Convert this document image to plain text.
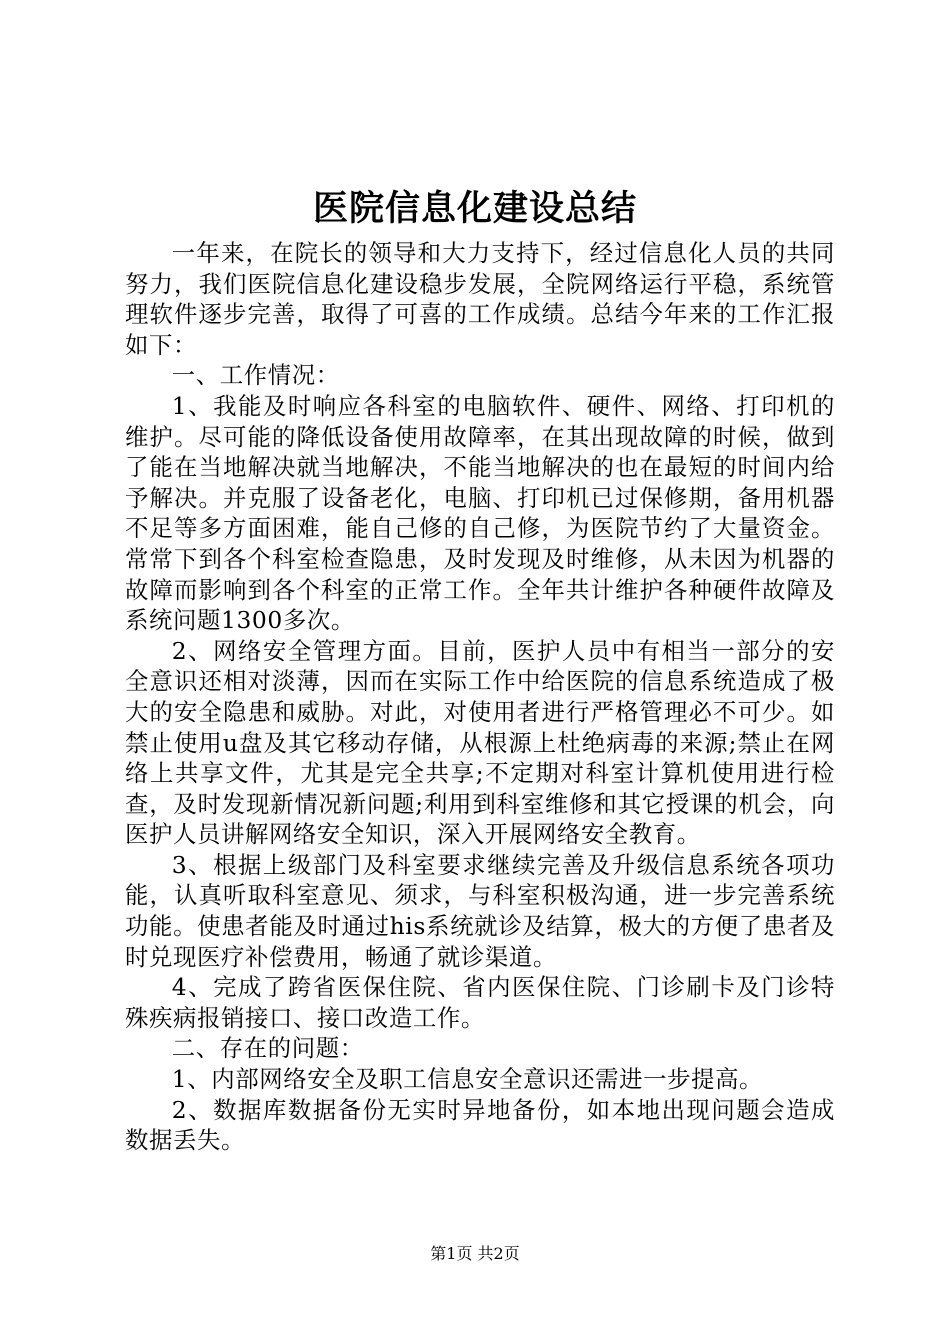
医院信息化建设总结

一年来，在院长的领导和大力支持下，经过信息化人员的共同努力，我们医院信息化建设稳步发展，全院网络运行平稳，系统管理软件逐步完善，取得了可喜的工作成绩。总结今年来的工作汇报如下：

一、工作情况：

1、我能及时响应各科室的电脑软件、硬件、网络、打印机的维护。尽可能的降低设备使用故障率，在其出现故障的时候，做到了能在当地解决就当地解决，不能当地解决的也在最短的时间内给予解决。并克服了设备老化，电脑、打印机已过保修期，备用机器不足等多方面困难，能自己修的自己修，为医院节约了大量资金。常常下到各个科室检查隐患，及时发现及时维修，从未因为机器的故障而影响到各个科室的正常工作。全年共计维护各种硬件故障及系统问题1300多次。

2、网络安全管理方面。目前，医护人员中有相当一部分的安全意识还相对淡薄，因而在实际工作中给医院的信息系统造成了极大的安全隐患和威胁。对此，对使用者进行严格管理必不可少。如禁止使用u盘及其它移动存储，从根源上杜绝病毒的来源;禁止在网络上共享文件，尤其是完全共享;不定期对科室计算机使用进行检查，及时发现新情况新问题;利用到科室维修和其它授课的机会，向医护人员讲解网络安全知识，深入开展网络安全教育。

3、根据上级部门及科室要求继续完善及升级信息系统各项功能，认真听取科室意见、须求，与科室积极沟通，进一步完善系统功能。使患者能及时通过his系统就诊及结算，极大的方便了患者及时兑现医疗补偿费用，畅通了就诊渠道。

4、完成了跨省医保住院、省内医保住院、门诊刷卡及门诊特殊疾病报销接口、接口改造工作。

二、存在的问题：

1、内部网络安全及职工信息安全意识还需进一步提高。

2、数据库数据备份无实时异地备份，如本地出现问题会造成数据丢失。

第1页 共2页
